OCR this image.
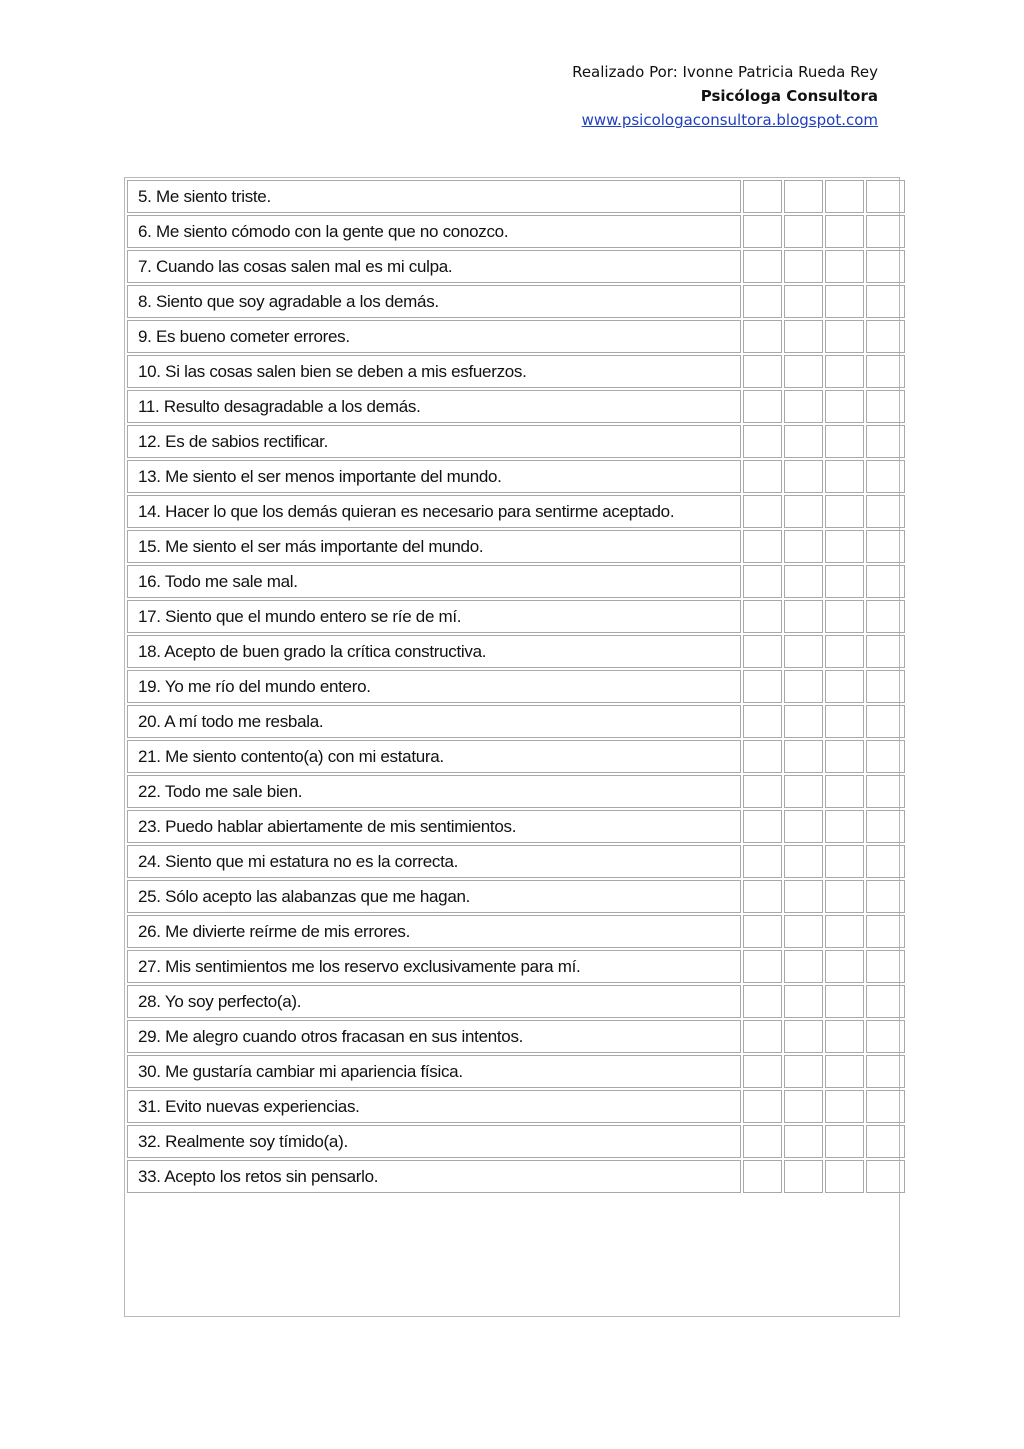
Realizado Por: Ivonne Patricia Rueda Rey
Psicóloga Consultora
www.psicologaconsultora.blogspot.com
5. Me siento triste.				
6. Me siento cómodo con la gente que no conozco.				
7. Cuando las cosas salen mal es mi culpa.				
8. Siento que soy agradable a los demás.				
9. Es bueno cometer errores.				
10. Si las cosas salen bien se deben a mis esfuerzos.				
11. Resulto desagradable a los demás.				
12. Es de sabios rectificar.				
13. Me siento el ser menos importante del mundo.				
14. Hacer lo que los demás quieran es necesario para sentirme aceptado.				
15. Me siento el ser más importante del mundo.				
16. Todo me sale mal.				
17. Siento que el mundo entero se ríe de mí.				
18. Acepto de buen grado la crítica constructiva.				
19. Yo me río del mundo entero.				
20. A mí todo me resbala.				
21. Me siento contento(a) con mi estatura.				
22. Todo me sale bien.				
23. Puedo hablar abiertamente de mis sentimientos.				
24. Siento que mi estatura no es la correcta.				
25. Sólo acepto las alabanzas que me hagan.				
26. Me divierte reírme de mis errores.				
27. Mis sentimientos me los reservo exclusivamente para mí.				
28. Yo soy perfecto(a).				
29. Me alegro cuando otros fracasan en sus intentos.				
30. Me gustaría cambiar mi apariencia física.				
31. Evito nuevas experiencias.				
32. Realmente soy tímido(a).				
33. Acepto los retos sin pensarlo.				
